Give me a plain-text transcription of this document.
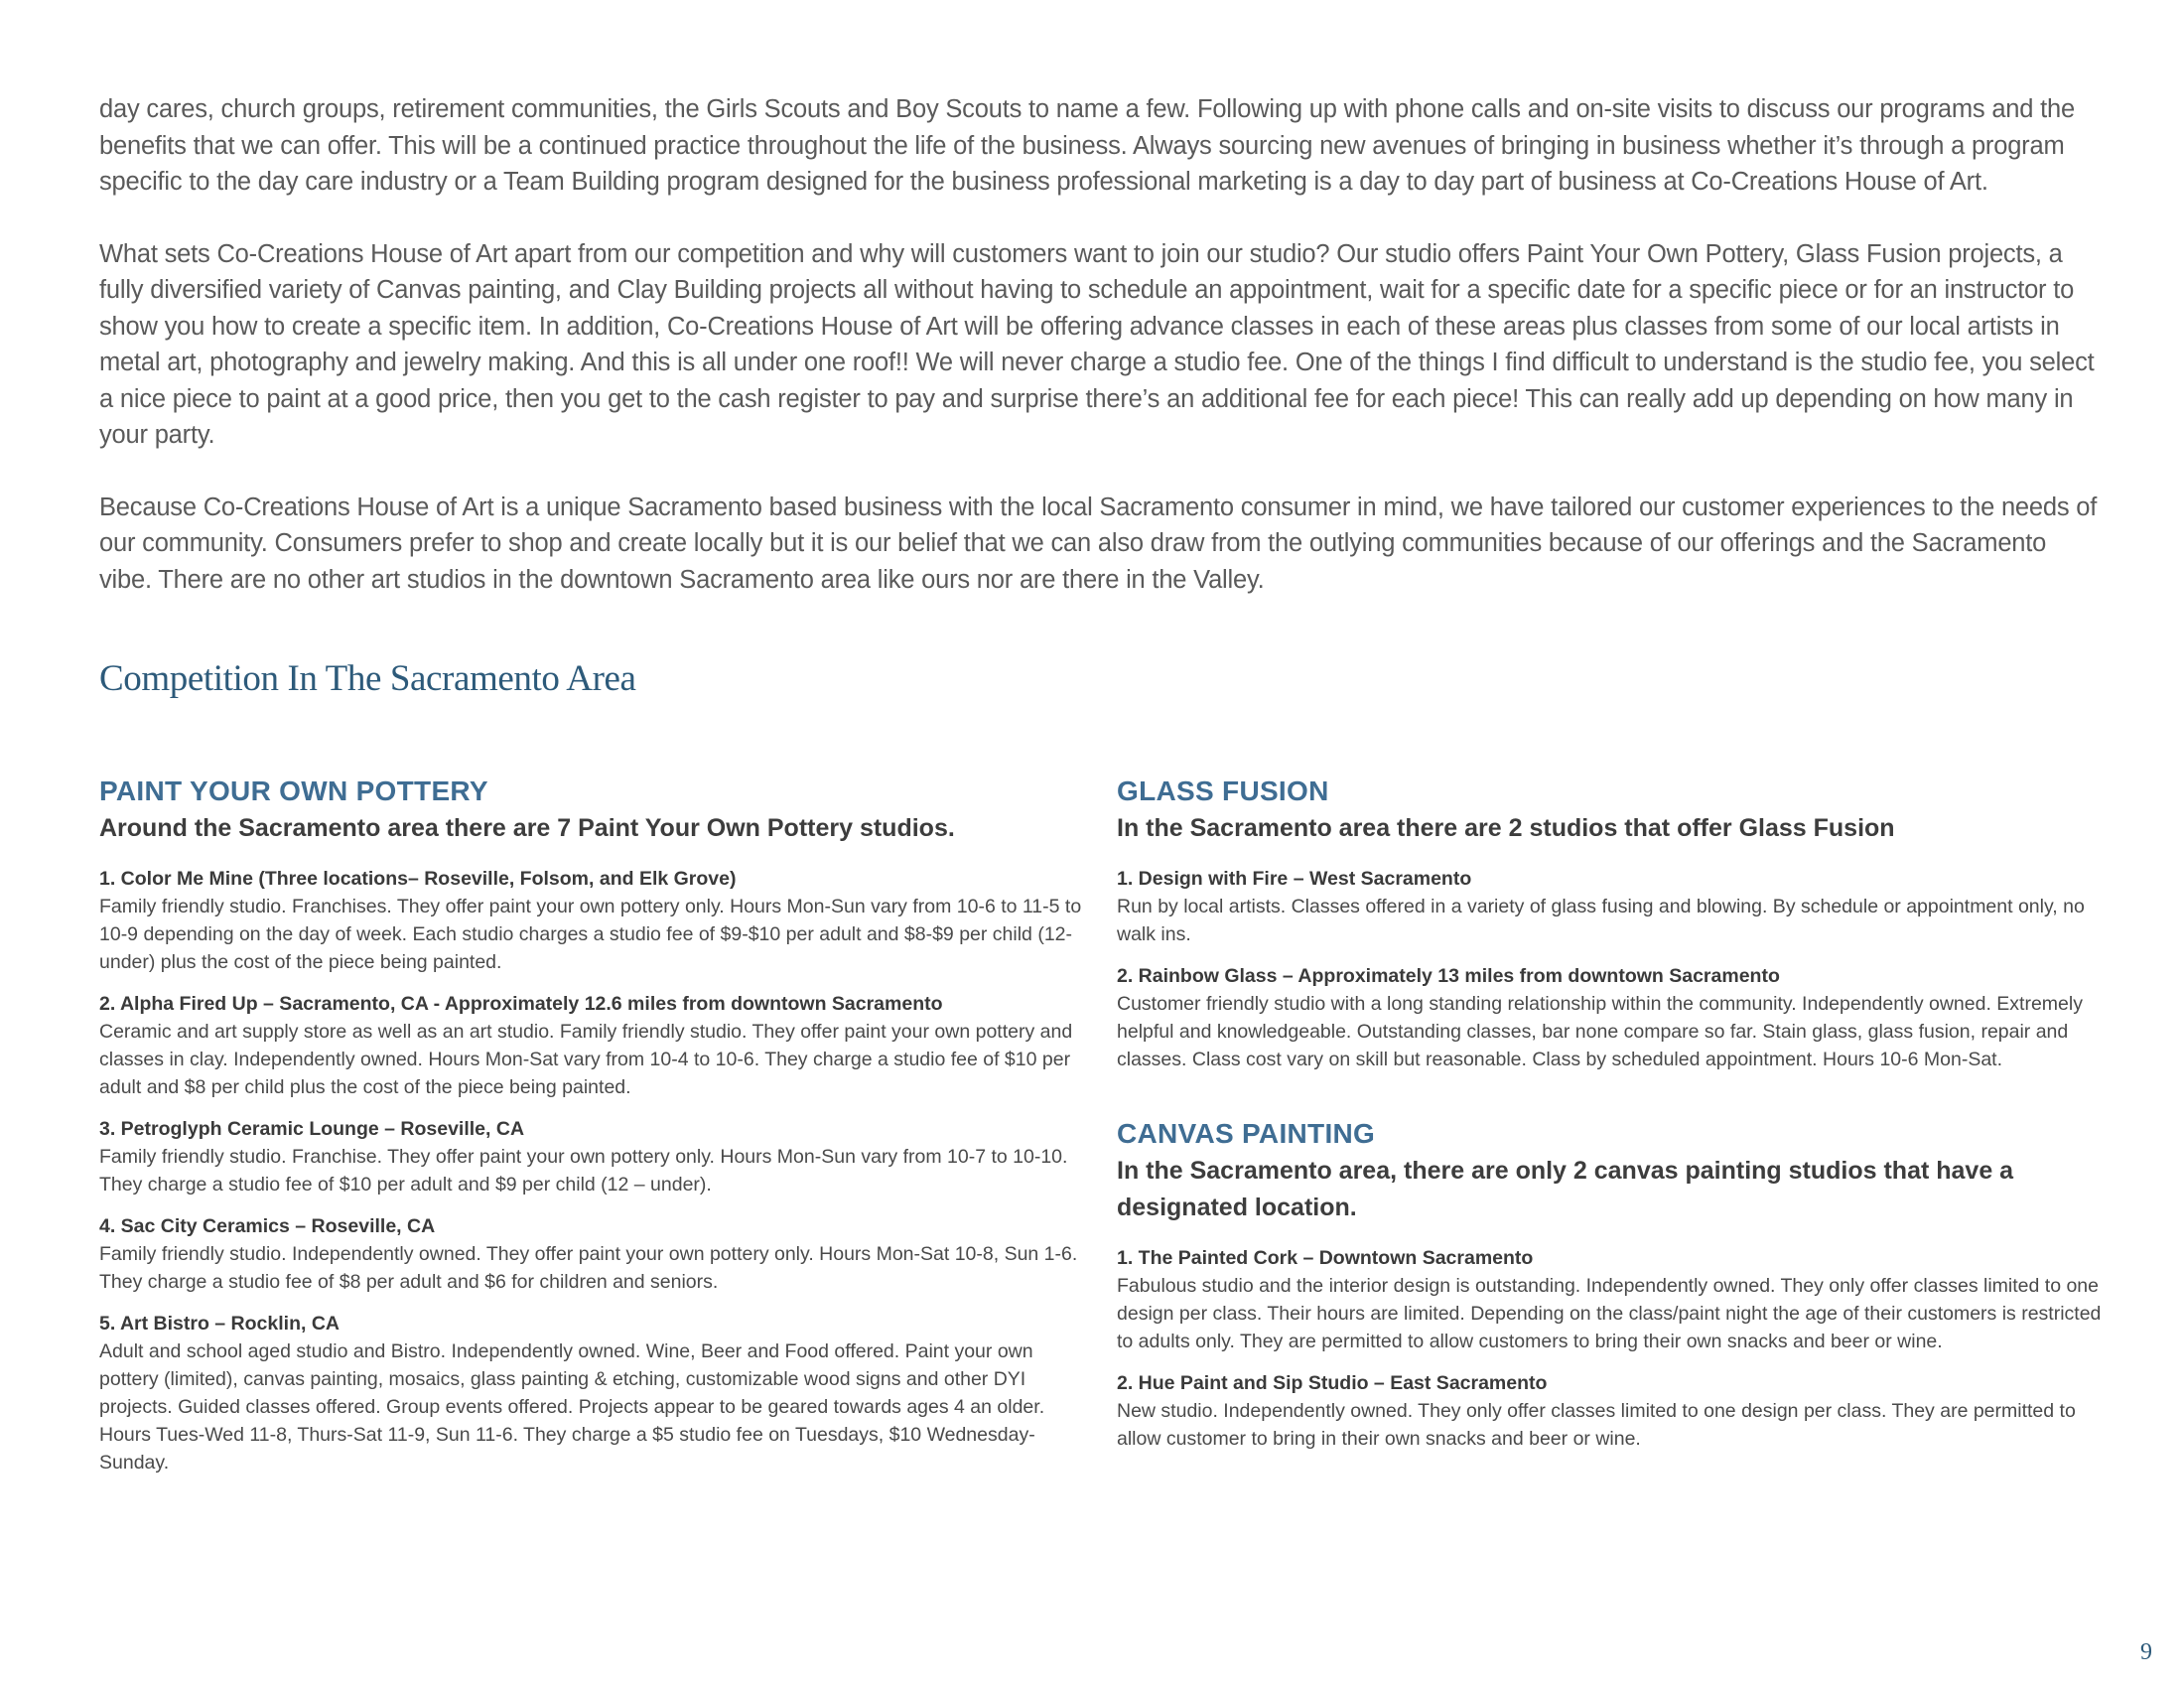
day cares, church groups, retirement communities, the Girls Scouts and Boy Scouts to name a few. Following up with phone calls and on-site visits to discuss our programs and the benefits that we can offer. This will be a continued practice throughout the life of the business. Always sourcing new avenues of bringing in business whether it’s through a program specific to the day care industry or a Team Building program designed for the business professional marketing is a day to day part of business at Co-Creations House of Art.

What sets Co-Creations House of Art apart from our competition and why will customers want to join our studio? Our studio offers Paint Your Own Pottery, Glass Fusion projects, a fully diversified variety of Canvas painting, and Clay Building projects all without having to schedule an appointment, wait for a specific date for a specific piece or for an instructor to show you how to create a specific item. In addition, Co-Creations House of Art will be offering advance classes in each of these areas plus classes from some of our local artists in metal art, photography and jewelry making. And this is all under one roof!! We will never charge a studio fee. One of the things I find difficult to understand is the studio fee, you select a nice piece to paint at a good price, then you get to the cash register to pay and surprise there’s an additional fee for each piece! This can really add up depending on how many in your party.

Because Co-Creations House of Art is a unique Sacramento based business with the local Sacramento consumer in mind, we have tailored our customer experiences to the needs of our community. Consumers prefer to shop and create locally but it is our belief that we can also draw from the outlying communities because of our offerings and the Sacramento vibe. There are no other art studios in the downtown Sacramento area like ours nor are there in the Valley.

Competition In The Sacramento Area
PAINT YOUR OWN POTTERY
Around the Sacramento area there are 7 Paint Your Own Pottery studios.
1. Color Me Mine (Three locations– Roseville, Folsom, and Elk Grove)
Family friendly studio. Franchises. They offer paint your own pottery only. Hours Mon-Sun vary from 10-6 to 11-5 to 10-9 depending on the day of week. Each studio charges a studio fee of $9-$10 per adult and $8-$9 per child (12-under) plus the cost of the piece being painted.
2. Alpha Fired Up – Sacramento, CA - Approximately 12.6 miles from downtown Sacramento
Ceramic and art supply store as well as an art studio. Family friendly studio. They offer paint your own pottery and classes in clay. Independently owned. Hours Mon-Sat vary from 10-4 to 10-6. They charge a studio fee of $10 per adult and $8 per child plus the cost of the piece being painted.
3. Petroglyph Ceramic Lounge – Roseville, CA
Family friendly studio. Franchise. They offer paint your own pottery only. Hours Mon-Sun vary from 10-7 to 10-10. They charge a studio fee of $10 per adult and $9 per child (12 – under).
4. Sac City Ceramics – Roseville, CA
Family friendly studio. Independently owned. They offer paint your own pottery only. Hours Mon-Sat 10-8, Sun 1-6. They charge a studio fee of $8 per adult and $6 for children and seniors.
5. Art Bistro – Rocklin, CA
Adult and school aged studio and Bistro. Independently owned. Wine, Beer and Food offered. Paint your own pottery (limited), canvas painting, mosaics, glass painting & etching, customizable wood signs and other DYI projects. Guided classes offered. Group events offered. Projects appear to be geared towards ages 4 an older. Hours Tues-Wed 11-8, Thurs-Sat 11-9, Sun 11-6. They charge a $5 studio fee on Tuesdays, $10 Wednesday-Sunday.
GLASS FUSION
In the Sacramento area there are 2 studios that offer Glass Fusion
1. Design with Fire – West Sacramento
Run by local artists. Classes offered in a variety of glass fusing and blowing. By schedule or appointment only, no walk ins.
2. Rainbow Glass – Approximately 13 miles from downtown Sacramento
Customer friendly studio with a long standing relationship within the community. Independently owned. Extremely helpful and knowledgeable. Outstanding classes, bar none compare so far. Stain glass, glass fusion, repair and classes. Class cost vary on skill but reasonable. Class by scheduled appointment. Hours 10-6 Mon-Sat.
CANVAS PAINTING
In the Sacramento area, there are only 2 canvas painting studios that have a designated location.
1. The Painted Cork – Downtown Sacramento
Fabulous studio and the interior design is outstanding. Independently owned. They only offer classes limited to one design per class. Their hours are limited. Depending on the class/paint night the age of their customers is restricted to adults only. They are permitted to allow customers to bring their own snacks and beer or wine.
2. Hue Paint and Sip Studio – East Sacramento
New studio. Independently owned. They only offer classes limited to one design per class. They are permitted to allow customer to bring in their own snacks and beer or wine.
9
